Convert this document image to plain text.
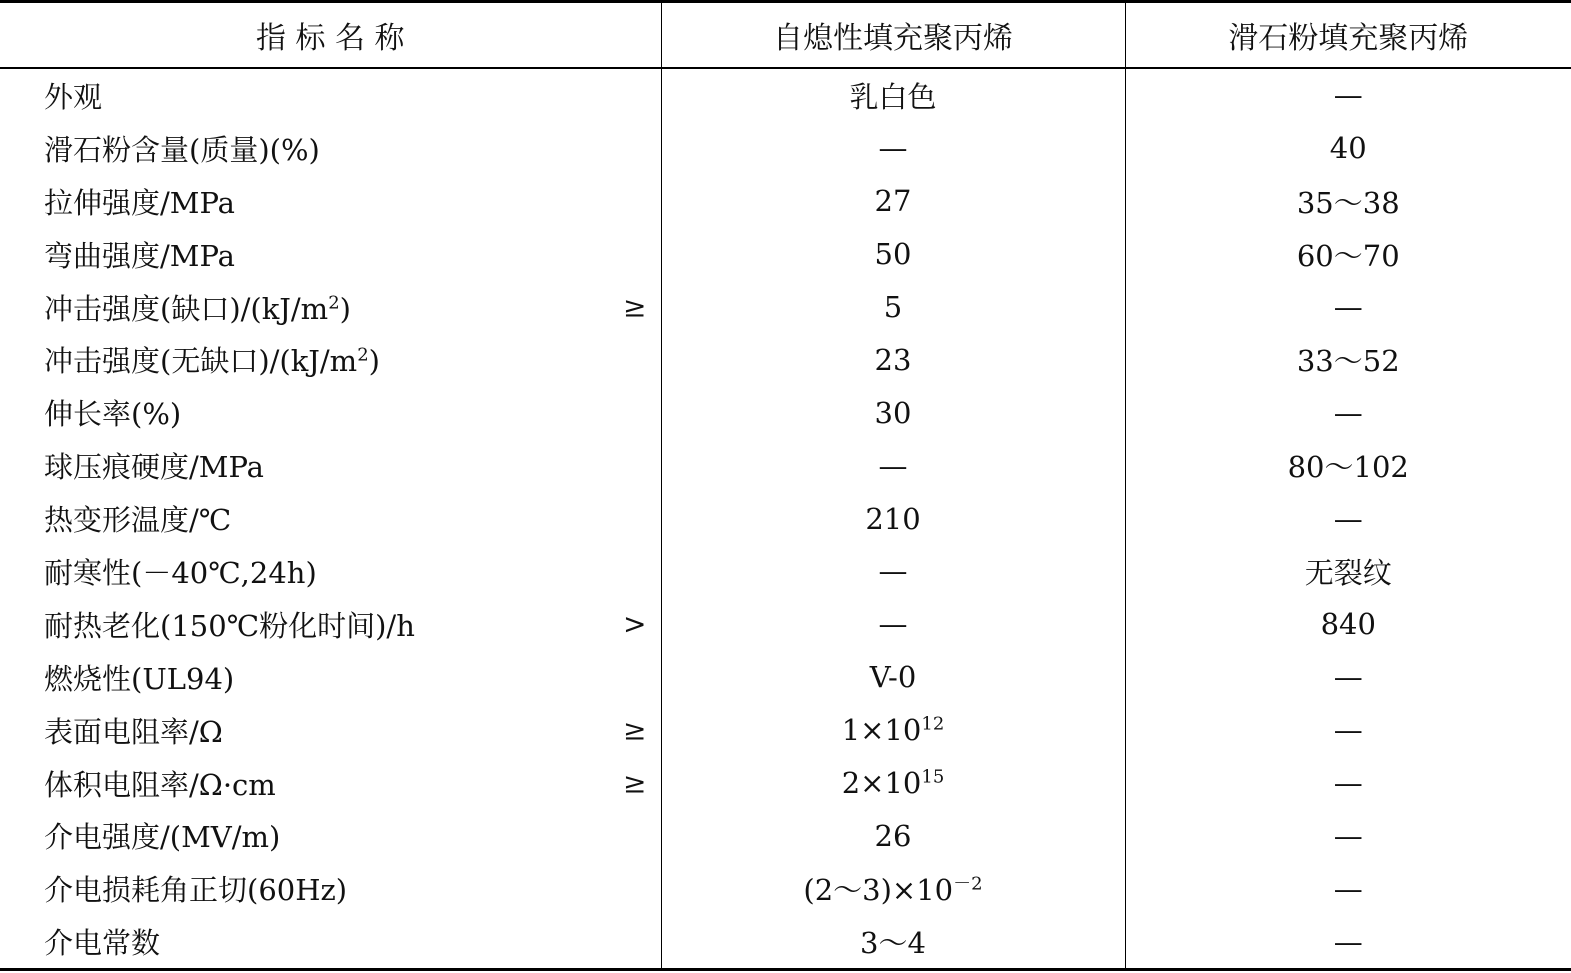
指 标 名 称	自熄性填充聚丙烯	滑石粉填充聚丙烯
外观	乳白色	—
滑石粉含量(质量)(%)	—	40
拉伸强度/MPa	27	35～38
弯曲强度/MPa	50	60～70
冲击强度(缺口)$/(kJ/m^2)$ ≥	5	—
冲击强度(无缺口)$/(kJ/m^2)$	23	33～52
伸长率(%)	30	—
球压痕硬度/MPa	—	80～102
热变形温度/℃	210	—
耐寒性(－40℃,24h)	—	无裂纹
耐热老化(150℃粉化时间)/h >	—	840
燃烧性(UL94)	V-0	—
表面电阻率/Ω ≥	$1\times 10^{12}$	—
体积电阻率/Ω·cm ≥	$2\times 10^{15}$	—
介电强度/(MV/m)	26	—
介电损耗角正切(60Hz)	$(2\sim 3)\times 10^{-2}$	—
介电常数	3～4	—
